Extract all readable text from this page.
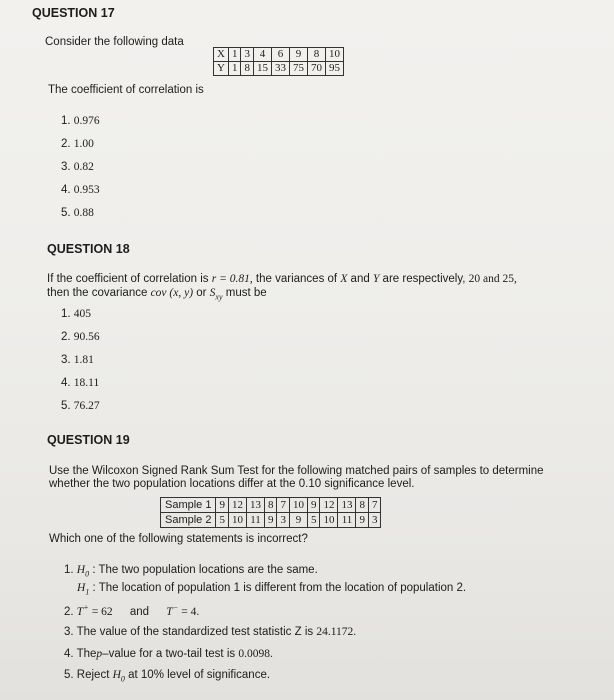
QUESTION 17
Consider the following data
X	1	3	4	6	9	8	10
Y	1	8	15	33	75	70	95
The coefficient of correlation is
1. 0.976
2. 1.00
3. 0.82
4. 0.953
5. 0.88
QUESTION 18
If the coefficient of correlation is r = 0.81, the variances of X and Y are respectively, 20 and 25,
then the covariance cov (x, y) or $S_{xy}$ must be
1. 405
2. 90.56
3. 1.81
4. 18.11
5. 76.27
QUESTION 19
Use the Wilcoxon Signed Rank Sum Test for the following matched pairs of samples to determine
whether the two population locations differ at the 0.10 significance level.
Sample 1	9	12	13	8	7	10	9	12	13	8	7
Sample 2	5	10	11	9	3	9	5	10	11	9	3
Which one of the following statements is incorrect?
1. $H_0$ : The two population locations are the same.
$H_1$ : The location of population 1 is different from the location of population 2.
2. T+ = 62 and T− = 4.
3. The value of the standardized test statistic Z is 24.1172.
4. Thep–value for a two-tail test is 0.0098.
5. Reject $H_0$ at 10% level of significance.
